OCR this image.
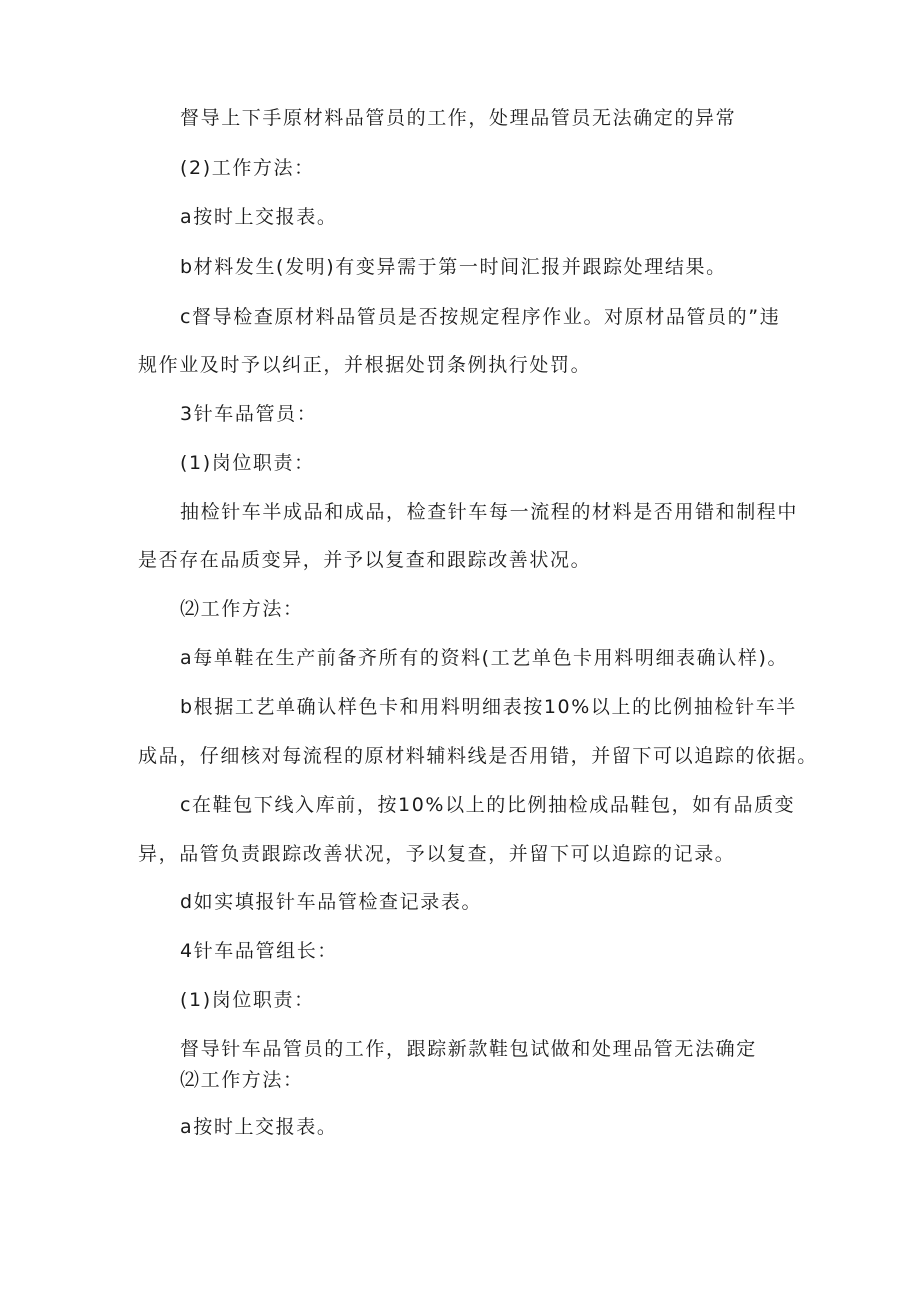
督导上下手原材料品管员的工作，处理品管员无法确定的异常
(2)工作方法：
a按时上交报表。
b材料发生(发明)有变异需于第一时间汇报并跟踪处理结果。
c督导检查原材料品管员是否按规定程序作业。对原材品管员的”违
规作业及时予以纠正，并根据处罚条例执行处罚。
3针车品管员：
(1)岗位职责：
抽检针车半成品和成品，检查针车每一流程的材料是否用错和制程中
是否存在品质变异，并予以复查和跟踪改善状况。
⑵工作方法：
a每单鞋在生产前备齐所有的资料(工艺单色卡用料明细表确认样)。
b根据工艺单确认样色卡和用料明细表按10%以上的比例抽检针车半
成品，仔细核对每流程的原材料辅料线是否用错，并留下可以追踪的依据。
c在鞋包下线入库前，按10%以上的比例抽检成品鞋包，如有品质变
异，品管负责跟踪改善状况，予以复查，并留下可以追踪的记录。
d如实填报针车品管检查记录表。
4针车品管组长：
(1)岗位职责：
督导针车品管员的工作，跟踪新款鞋包试做和处理品管无法确定
⑵工作方法：
a按时上交报表。
